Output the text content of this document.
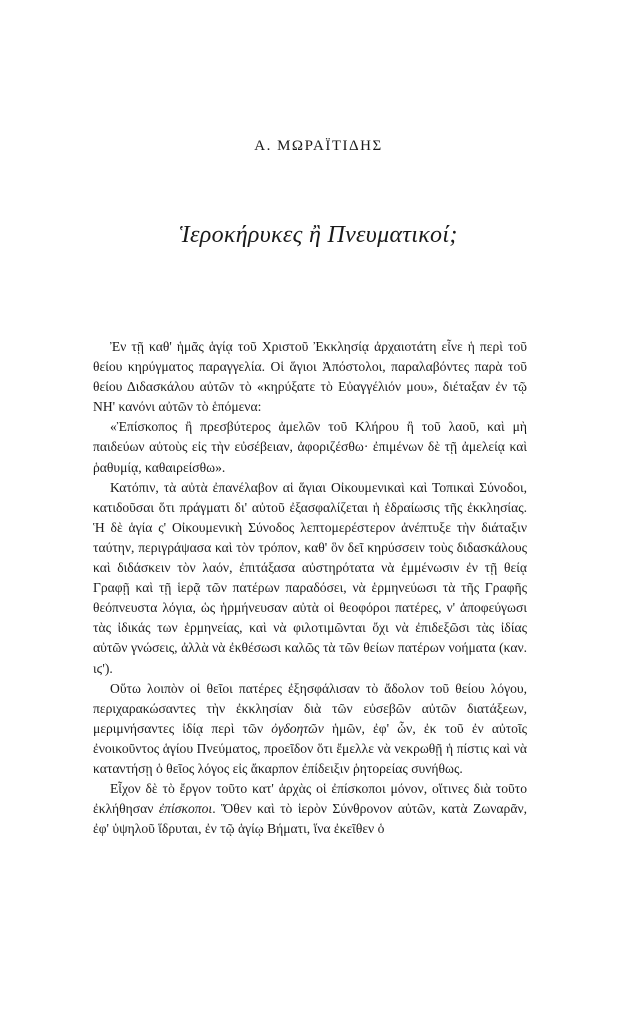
Α. ΜΩΡΑΪΤΙΔΗΣ
Ἱεροκήρυκες ἢ Πνευματικοί;

Ἐν τῇ καθ' ἡμᾶς ἁγίᾳ τοῦ Χριστοῦ Ἐκκλησίᾳ ἀρχαιοτάτη εἶνε ἡ περὶ τοῦ θείου κηρύγματος παραγγελία. Οἱ ἅγιοι Ἀπόστολοι, παραλαβόντες παρὰ τοῦ θείου Διδασκάλου αὐτῶν τὸ «κηρύξατε τὸ Εὐαγγέλιόν μου», διέταξαν ἐν τῷ ΝΗ' κανόνι αὐτῶν τὸ ἑπόμενα:

«Ἐπίσκοπος ἢ πρεσβύτερος ἀμελῶν τοῦ Κλήρου ἢ τοῦ λαοῦ, καὶ μὴ παιδεύων αὐτοὺς εἰς τὴν εὐσέβειαν, ἀφοριζέσθω· ἐπιμένων δὲ τῇ ἀμελείᾳ καὶ ῥαθυμίᾳ, καθαιρείσθω».

Κατόπιν, τὰ αὐτὰ ἐπανέλαβον αἱ ἅγιαι Οἰκουμενικαὶ καὶ Τοπικαὶ Σύνοδοι, κατιδοῦσαι ὅτι πράγματι δι' αὐτοῦ ἐξασφαλίζεται ἡ ἑδραίωσις τῆς ἐκκλησίας. Ἡ δὲ ἁγία ς' Οἰκουμενικὴ Σύνοδος λεπτομερέστερον ἀνέπτυξε τὴν διάταξιν ταύτην, περιγράψασα καὶ τὸν τρόπον, καθ' ὃν δεῖ κηρύσσειν τοὺς διδασκάλους καὶ διδάσκειν τὸν λαόν, ἐπιτάξασα αὐστηρότατα νὰ ἐμμένωσιν ἐν τῇ θείᾳ Γραφῇ καὶ τῇ ἱερᾷ τῶν πατέρων παραδόσει, νὰ ἑρμηνεύωσι τὰ τῆς Γραφῆς θεόπνευστα λόγια, ὡς ἡρμήνευσαν αὐτὰ οἱ θεοφόροι πατέρες, ν' ἀποφεύγωσι τὰς ἰδικάς των ἑρμηνείας, καὶ νὰ φιλοτιμῶνται ὄχι νὰ ἐπιδεξῶσι τὰς ἰδίας αὐτῶν γνώσεις, ἀλλὰ νὰ ἐκθέσωσι καλῶς τὰ τῶν θείων πατέρων νοήματα (καν. ιϛ').

Οὕτω λοιπὸν οἱ θεῖοι πατέρες ἐξησφάλισαν τὸ ἄδολον τοῦ θείου λόγου, περιχαρακώσαντες τὴν ἐκκλησίαν διὰ τῶν εὐσεβῶν αὐτῶν διατάξεων, μεριμνήσαντες ἰδίᾳ περὶ τῶν ὀγδοητῶν ἡμῶν, ἐφ' ὧν, ἐκ τοῦ ἐν αὐτοῖς ἐνοικοῦντος ἁγίου Πνεύματος, προεῖδον ὅτι ἔμελλε νὰ νεκρωθῇ ἡ πίστις καὶ νὰ καταντήσῃ ὁ θεῖος λόγος εἰς ἄκαρπον ἐπίδειξιν ῥητορείας συνήθως.

Εἶχον δὲ τὸ ἔργον τοῦτο κατ' ἀρχὰς οἱ ἐπίσκοποι μόνον, οἵτινες διὰ τοῦτο ἐκλήθησαν ἐπίσκοποι. Ὅθεν καὶ τὸ ἱερὸν Σύνθρονον αὐτῶν, κατὰ Ζωναρᾶν, ἐφ' ὑψηλοῦ ἵδρυται, ἐν τῷ ἁγίῳ Βήματι, ἵνα ἐκεῖθεν ὁ
